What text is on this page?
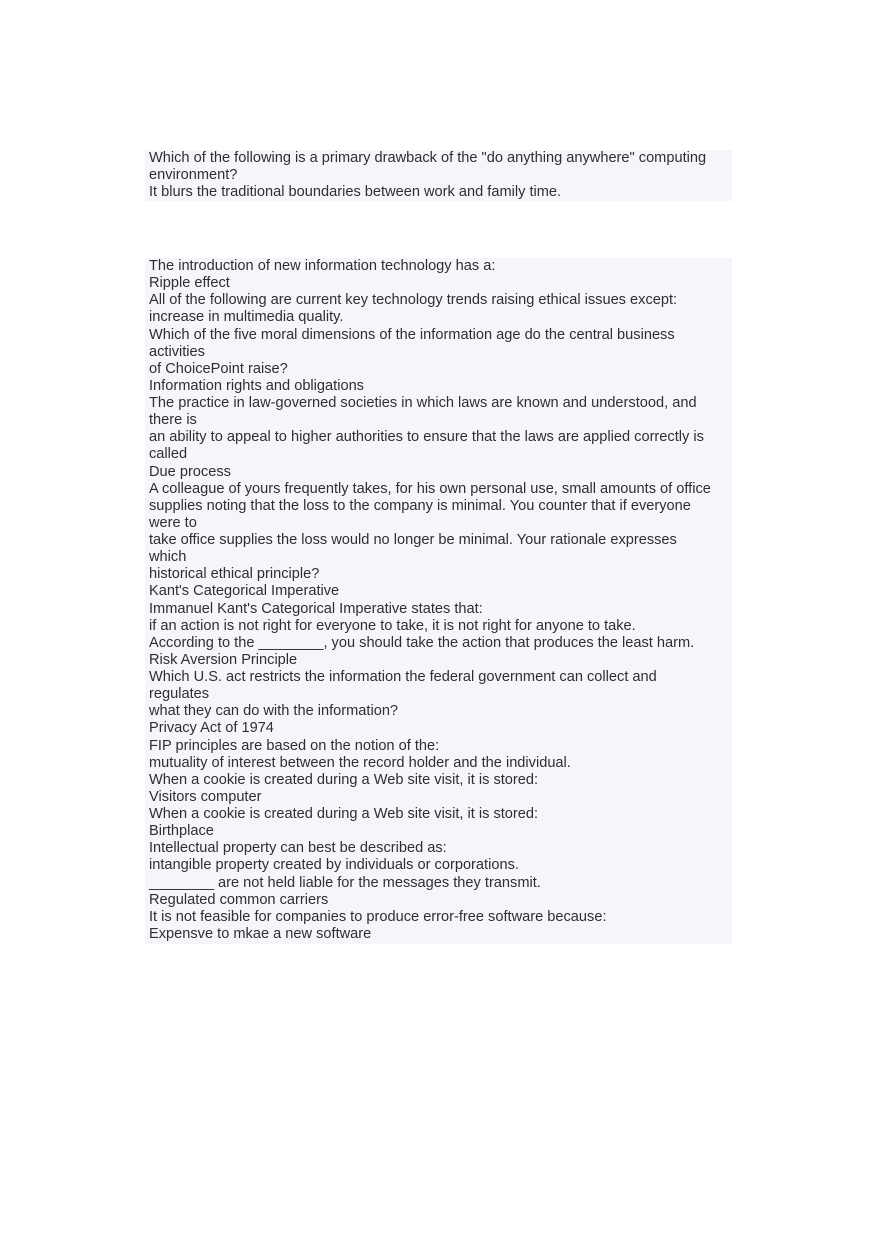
Which of the following is a primary drawback of the "do anything anywhere" computing
environment?
It blurs the traditional boundaries between work and family time.
The introduction of new information technology has a:
Ripple effect
All of the following are current key technology trends raising ethical issues except:
increase in multimedia quality.
Which of the five moral dimensions of the information age do the central business
activities
of ChoicePoint raise?
Information rights and obligations
The practice in law-governed societies in which laws are known and understood, and
there is
an ability to appeal to higher authorities to ensure that the laws are applied correctly is
called
Due process
A colleague of yours frequently takes, for his own personal use, small amounts of office
supplies noting that the loss to the company is minimal. You counter that if everyone
were to
take office supplies the loss would no longer be minimal. Your rationale expresses
which
historical ethical principle?
Kant's Categorical Imperative
Immanuel Kant's Categorical Imperative states that:
if an action is not right for everyone to take, it is not right for anyone to take.
According to the ________, you should take the action that produces the least harm.
Risk Aversion Principle
Which U.S. act restricts the information the federal government can collect and
regulates
what they can do with the information?
Privacy Act of 1974
FIP principles are based on the notion of the:
mutuality of interest between the record holder and the individual.
When a cookie is created during a Web site visit, it is stored:
Visitors computer
When a cookie is created during a Web site visit, it is stored:
Birthplace
Intellectual property can best be described as:
intangible property created by individuals or corporations.
________ are not held liable for the messages they transmit.
Regulated common carriers
It is not feasible for companies to produce error-free software because:
Expensve to mkae a new software
